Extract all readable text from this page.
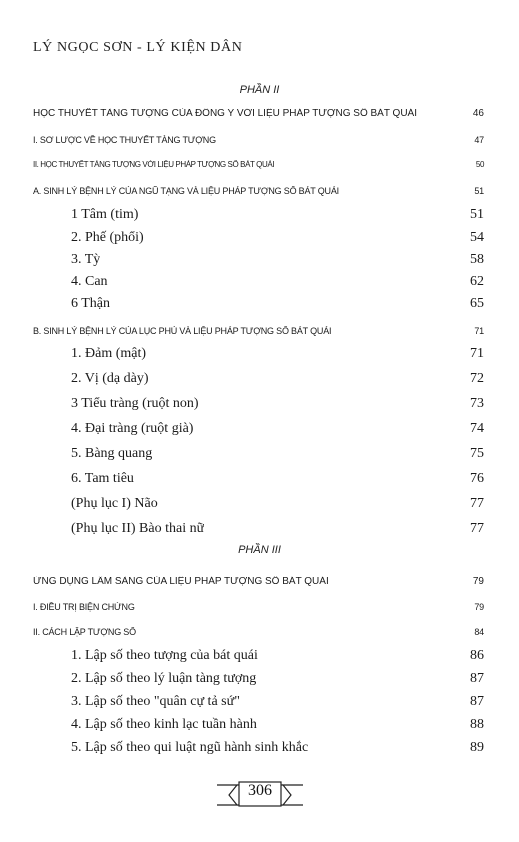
LÝ NGỌC SƠN - LÝ KIỆN DÂN
PHẦN II
HỌC THUYẾT TÀNG TƯỢNG CỦA ĐÔNG Y VỚI LIỆU PHÁP TƯỢNG SỐ BÁT QUÁI	46
I. SƠ LƯỢC VỀ HỌC THUYẾT TÀNG TƯỢNG	47
II. HỌC THUYẾT TÀNG TƯỢNG VỚI LIỆU PHÁP TƯỢNG SỐ BÁT QUÁI	50
A. SINH LÝ BỆNH LÝ CỦA NGŨ TẠNG VÀ LIỆU PHÁP TƯỢNG SỐ BÁT QUÁI	51
1 Tâm (tim)	51
2. Phế (phổi)	54
3. Tỳ	58
4. Can	62
6 Thận	65
B. SINH LÝ BỆNH LÝ CỦA LỤC PHỦ VÀ LIỆU PHÁP TƯỢNG SỐ BÁT QUÁI	71
1. Đảm (mật)	71
2. Vị (dạ dày)	72
3 Tiểu tràng (ruột non)	73
4. Đại tràng (ruột già)	74
5. Bàng quang	75
6. Tam tiêu	76
(Phụ lục I) Não	77
(Phụ lục II) Bào thai nữ	77
PHẦN III
ỨNG DỤNG LÂM SÀNG CỦA LIỆU PHÁP TƯỢNG SỐ BÁT QUÁI	79
I. ĐIỀU TRỊ BIỆN CHỨNG	79
II. CÁCH LẬP TƯỢNG SỐ	84
1. Lập số theo tượng của bát quái	86
2. Lập số theo lý luận tàng tượng	87
3. Lập số theo "quân cự tả sứ"	87
4. Lập số theo kinh lạc tuần hành	88
5. Lập số theo qui luật ngũ hành sinh khắc	89
306
